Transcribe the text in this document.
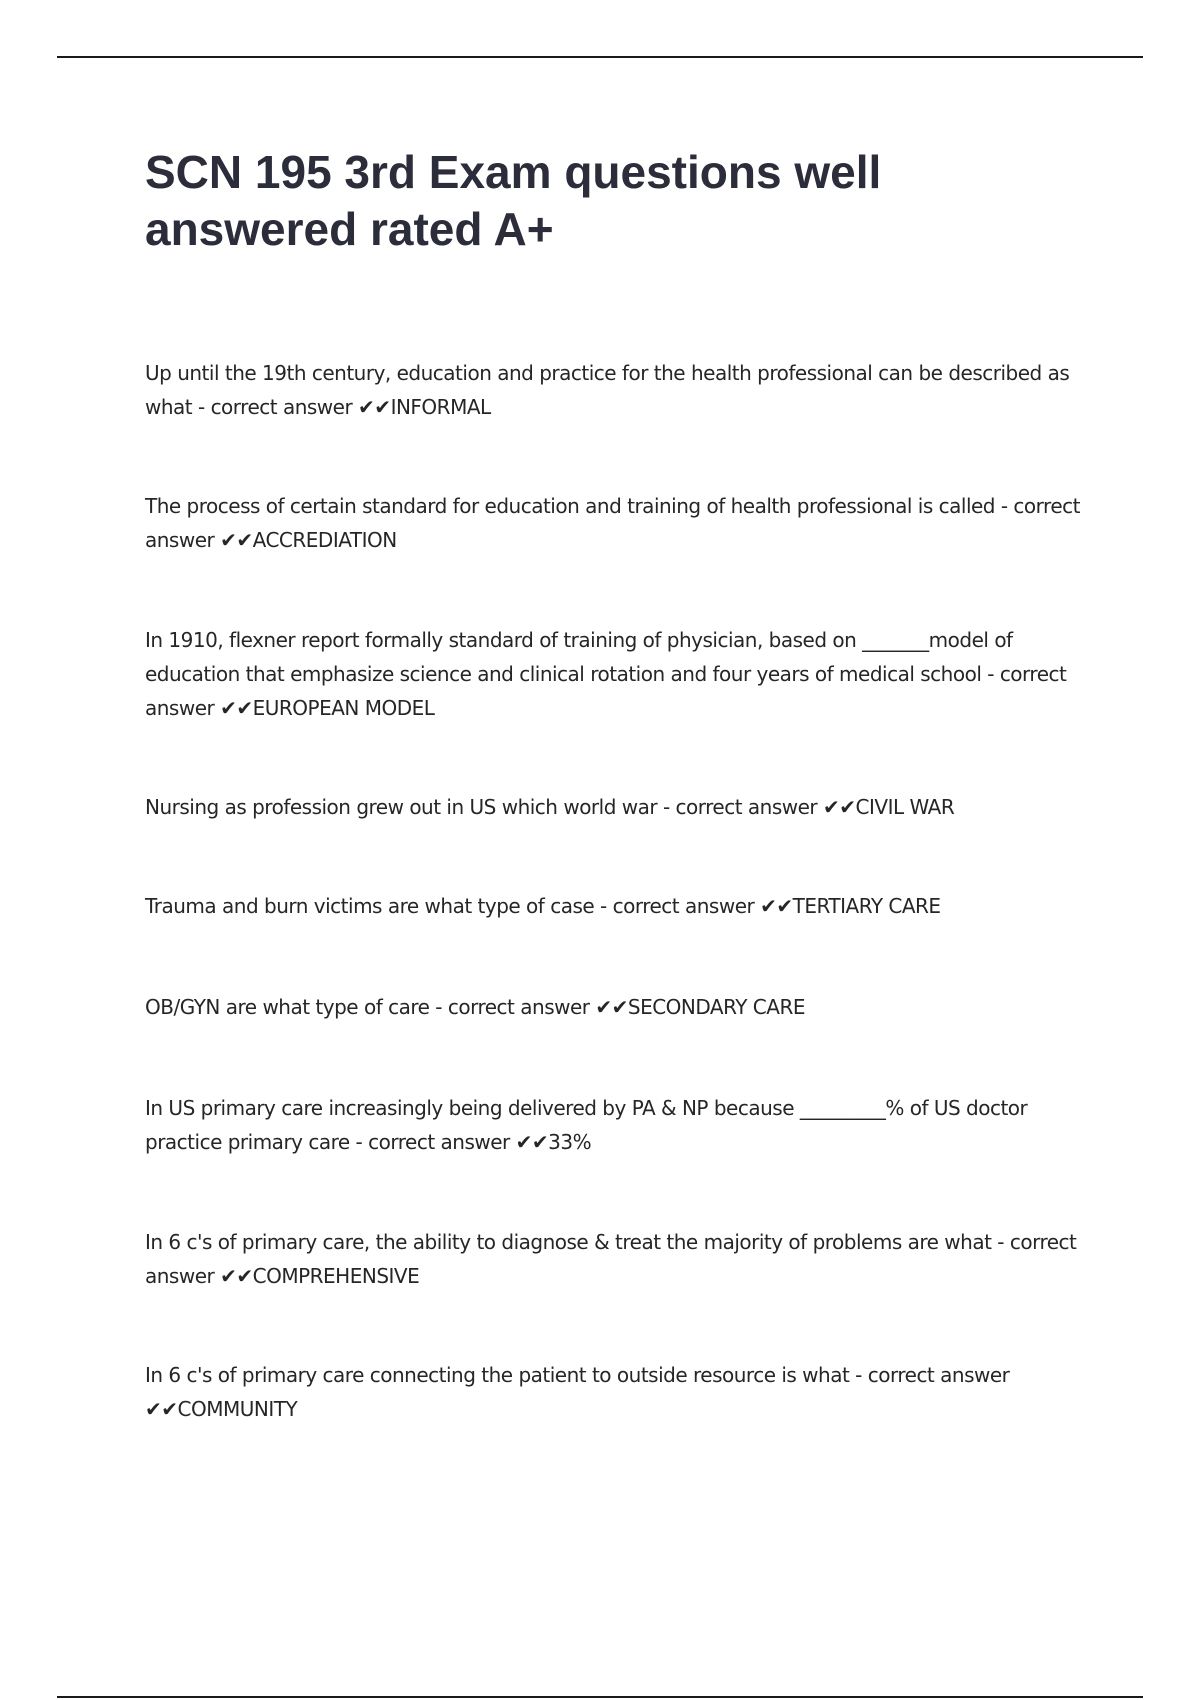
SCN 195 3rd Exam questions well answered rated A+

Up until the 19th century, education and practice for the health professional can be described as what - correct answer ✔✔INFORMAL

The process of certain standard for education and training of health professional is called - correct answer ✔✔ACCREDIATION

In 1910, flexner report formally standard of training of physician, based on _______model of education that emphasize science and clinical rotation and four years of medical school - correct answer ✔✔EUROPEAN MODEL

Nursing as profession grew out in US which world war - correct answer ✔✔CIVIL WAR

Trauma and burn victims are what type of case - correct answer ✔✔TERTIARY CARE

OB/GYN are what type of care - correct answer ✔✔SECONDARY CARE

In US primary care increasingly being delivered by PA & NP because _________% of US doctor practice primary care - correct answer ✔✔33%

In 6 c's of primary care, the ability to diagnose & treat the majority of problems are what - correct answer ✔✔COMPREHENSIVE

In 6 c's of primary care connecting the patient to outside resource is what - correct answer ✔✔COMMUNITY
